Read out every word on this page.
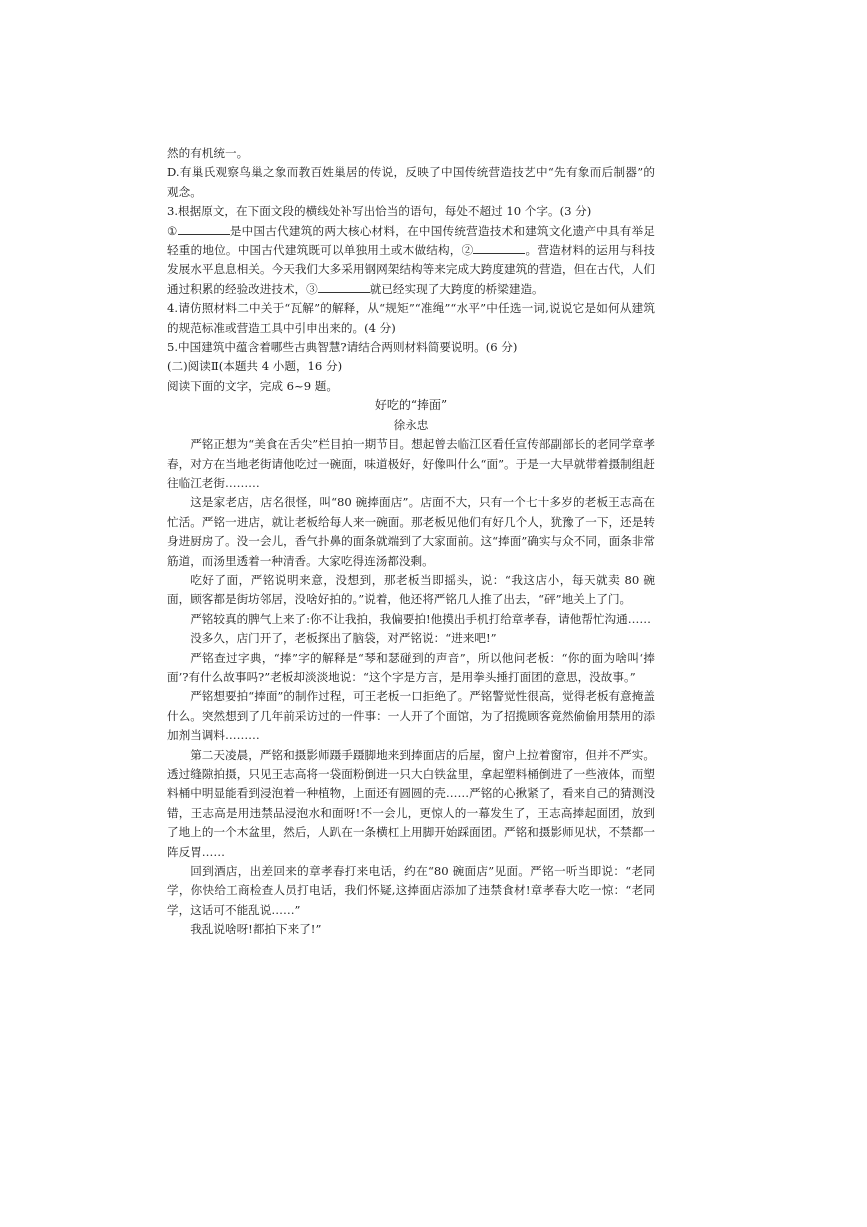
然的有机统一。

D.有巢氏观察鸟巢之象而教百姓巢居的传说，反映了中国传统营造技艺中“先有象而后制器”的观念。

3.根据原文，在下面文段的横线处补写出恰当的语句，每处不超过 10 个字。(3 分)

①	是中国古代建筑的两大核心材料，在中国传统营造技术和建筑文化遗产中具有举足轻重的地位。中国古代建筑既可以单独用土或木做结构，②	。营造材料的运用与科技发展水平息息相关。今天我们大多采用钢网架结构等来完成大跨度建筑的营造，但在古代，人们通过积累的经验改进技术，③	就已经实现了大跨度的桥梁建造。

4.请仿照材料二中关于“瓦解”的解释，从“规矩”“准绳”“水平”中任选一词,说说它是如何从建筑的规范标准或营造工具中引申出来的。(4 分)

5.中国建筑中蕴含着哪些古典智慧?请结合两则材料简要说明。(6 分)

(二)阅读Ⅱ(本题共 4 小题，16 分)

阅读下面的文字，完成 6~9 题。

好吃的“捧面”

徐永忠

严铭正想为“美食在舌尖”栏目拍一期节目。想起曾去临江区看任宣传部副部长的老同学章孝春，对方在当地老街请他吃过一碗面，味道极好，好像叫什么“面”。于是一大早就带着摄制组赶往临江老街………

这是家老店，店名很怪，叫“80 碗捧面店”。店面不大，只有一个七十多岁的老板王志高在忙活。严铭一进店，就让老板给每人来一碗面。那老板见他们有好几个人，犹豫了一下，还是转身进厨房了。没一会儿，香气扑鼻的面条就端到了大家面前。这“捧面”确实与众不同，面条非常筋道，而汤里透着一种清香。大家吃得连汤都没剩。

吃好了面，严铭说明来意，没想到，那老板当即摇头，说：“我这店小，每天就卖 80 碗面，顾客都是街坊邻居，没啥好拍的。”说着，他还将严铭几人推了出去，“砰”地关上了门。

严铭较真的脾气上来了:你不让我拍，我偏要拍!他摸出手机打给章孝春，请他帮忙沟通……

没多久，店门开了，老板探出了脑袋，对严铭说：“进来吧!”

严铭查过字典，“捧”字的解释是“琴和瑟碰到的声音”，所以他问老板：“你的面为啥叫‘捧面’?有什么故事吗?”老板却淡淡地说：“这个字是方言，是用拳头捶打面团的意思，没故事。”

严铭想要拍“捧面”的制作过程，可王老板一口拒绝了。严铭警觉性很高，觉得老板有意掩盖什么。突然想到了几年前采访过的一件事：一人开了个面馆，为了招揽顾客竟然偷偷用禁用的添加剂当调料………

第二天凌晨，严铭和摄影师蹑手蹑脚地来到捧面店的后屋，窗户上拉着窗帘，但并不严实。透过缝隙拍摄，只见王志高将一袋面粉倒进一只大白铁盆里，拿起塑料桶倒进了一些液体，而塑料桶中明显能看到浸泡着一种植物，上面还有圆圆的壳……严铭的心揪紧了，看来自己的猜测没错，王志高是用违禁品浸泡水和面呀!不一会儿，更惊人的一幕发生了，王志高捧起面团，放到了地上的一个木盆里，然后，人趴在一条横杠上用脚开始踩面团。严铭和摄影师见状，不禁都一阵反胃……

回到酒店，出差回来的章孝春打来电话，约在“80 碗面店”见面。严铭一听当即说：“老同学，你快给工商检查人员打电话，我们怀疑,这捧面店添加了违禁食材!章孝春大吃一惊：“老同学，这话可不能乱说……”

我乱说啥呀!都拍下来了!”
